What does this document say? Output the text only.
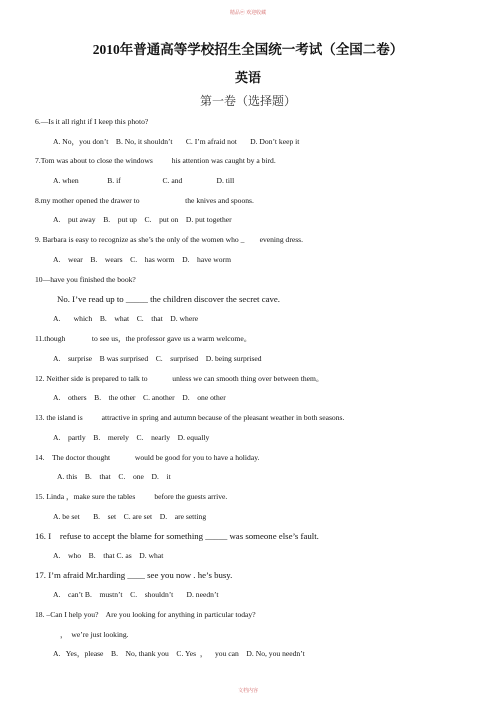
精品ⓦ 欢迎收藏
2010年普通高等学校招生全国统一考试（全国二卷）
英语
第一卷（选择题）
6.—Is it all right if I keep this photo?
A. No，you don’t    B. No, it shouldn’t       C. I’m afraid not       D. Don’t keep it
7.Tom was about to close the windows          his attention was caught by a bird.
A. when               B. if                      C. and                  D. till
8.my mother opened the drawer to                        the knives and spoons.
A.    put away    B.    put up    C.    put on    D. put together
9. Barbara is easy to recognize as she’s the only of the women who _        evening dress.
A.    wear    B.    wears    C.    has worm    D.    have worm
10—have you finished the book?
No. I’ve read up to _____ the children discover the secret cave.
A.       which    B.    what    C.    that    D. where
11.though              to see us，the professor gave us a warm welcome。
A.    surprise    B was surprised    C.    surprised    D. being surprised
12. Neither side is prepared to talk to             unless we can smooth thing over between them。
A.    others    B.    the other    C. another    D.    one other
13. the island is          attractive in spring and autumn because of the pleasant weather in both seasons.
A.    partly    B.    merely    C.    nearly    D. equally
14.    The doctor thought             would be good for you to have a holiday.
A. this    B.    that    C.    one    D.    it
15. Linda ，make sure the tables          before the guests arrive.
A. be set       B.    set    C. are set    D.    are setting
16. I    refuse to accept the blame for something _____ was someone else’s fault.
A.    who    B.    that C. as    D. what
17. I’m afraid Mr.harding ____ see you now . he’s busy.
A.    can’t B.    mustn’t    C.    shouldn’t       D. needn’t
18. –Can I help you?    Are you looking for anything in particular today?
，  we’re just looking.
A.   Yes，please    B.    No, thank you    C. Yes  ，    you can    D. No, you needn’t
文档内容
